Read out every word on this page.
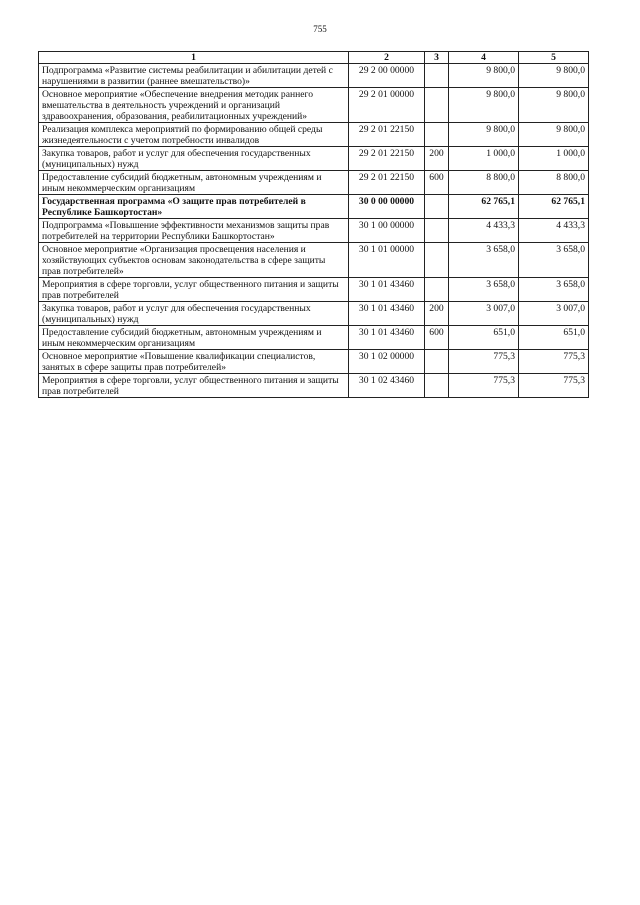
755
1	2	3	4	5
Подпрограмма «Развитие системы реабилитации и абилитации детей с нарушениями в развитии (раннее вмешательство)»	29 2 00 00000		9 800,0	9 800,0
Основное мероприятие «Обеспечение внедрения методик раннего вмешательства в деятельность учреждений и организаций здравоохранения, образования, реабилитационных учреждений»	29 2 01 00000		9 800,0	9 800,0
Реализация комплекса мероприятий по формированию общей среды жизнедеятельности с учетом потребности инвалидов	29 2 01 22150		9 800,0	9 800,0
Закупка товаров, работ и услуг для обеспечения государственных (муниципальных) нужд	29 2 01 22150	200	1 000,0	1 000,0
Предоставление субсидий бюджетным, автономным учреждениям и иным некоммерческим организациям	29 2 01 22150	600	8 800,0	8 800,0
Государственная программа «О защите прав потребителей в Республике Башкортостан»	30 0 00 00000		62 765,1	62 765,1
Подпрограмма «Повышение эффективности механизмов защиты прав потребителей на территории Республики Башкортостан»	30 1 00 00000		4 433,3	4 433,3
Основное мероприятие «Организация просвещения населения и хозяйствующих субъектов основам законодательства в сфере защиты прав потребителей»	30 1 01 00000		3 658,0	3 658,0
Мероприятия в сфере торговли, услуг общественного питания и защиты прав потребителей	30 1 01 43460		3 658,0	3 658,0
Закупка товаров, работ и услуг для обеспечения государственных (муниципальных) нужд	30 1 01 43460	200	3 007,0	3 007,0
Предоставление субсидий бюджетным, автономным учреждениям и иным некоммерческим организациям	30 1 01 43460	600	651,0	651,0
Основное мероприятие «Повышение квалификации специалистов, занятых в сфере защиты прав потребителей»	30 1 02 00000		775,3	775,3
Мероприятия в сфере торговли, услуг общественного питания и защиты прав потребителей	30 1 02 43460		775,3	775,3
